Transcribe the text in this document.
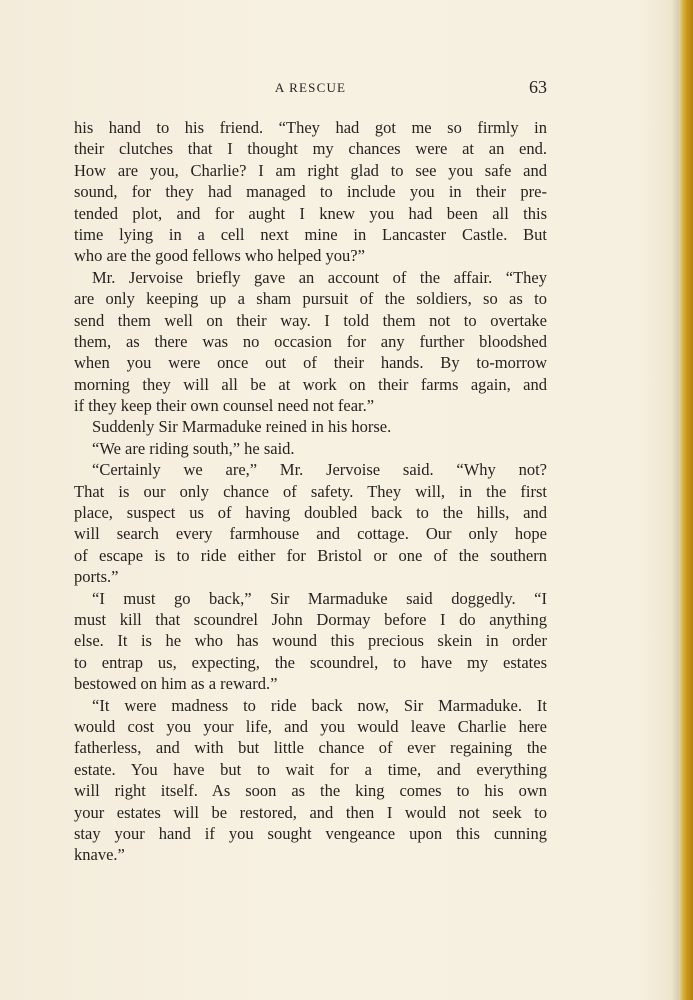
A RESCUE	63
his hand to his friend. “They had got me so firmly in
their clutches that I thought my chances were at an end.
How are you, Charlie? I am right glad to see you safe and
sound, for they had managed to include you in their pre-
tended plot, and for aught I knew you had been all this
time lying in a cell next mine in Lancaster Castle. But
who are the good fellows who helped you?”
Mr. Jervoise briefly gave an account of the affair. “They
are only keeping up a sham pursuit of the soldiers, so as to
send them well on their way. I told them not to overtake
them, as there was no occasion for any further bloodshed
when you were once out of their hands. By to-morrow
morning they will all be at work on their farms again, and
if they keep their own counsel need not fear.”
Suddenly Sir Marmaduke reined in his horse.
“We are riding south,” he said.
“Certainly we are,” Mr. Jervoise said. “Why not?
That is our only chance of safety. They will, in the first
place, suspect us of having doubled back to the hills, and
will search every farmhouse and cottage. Our only hope
of escape is to ride either for Bristol or one of the southern
ports.”
“I must go back,” Sir Marmaduke said doggedly. “I
must kill that scoundrel John Dormay before I do anything
else. It is he who has wound this precious skein in order
to entrap us, expecting, the scoundrel, to have my estates
bestowed on him as a reward.”
“It were madness to ride back now, Sir Marmaduke. It
would cost you your life, and you would leave Charlie here
fatherless, and with but little chance of ever regaining the
estate. You have but to wait for a time, and everything
will right itself. As soon as the king comes to his own
your estates will be restored, and then I would not seek to
stay your hand if you sought vengeance upon this cunning
knave.”
